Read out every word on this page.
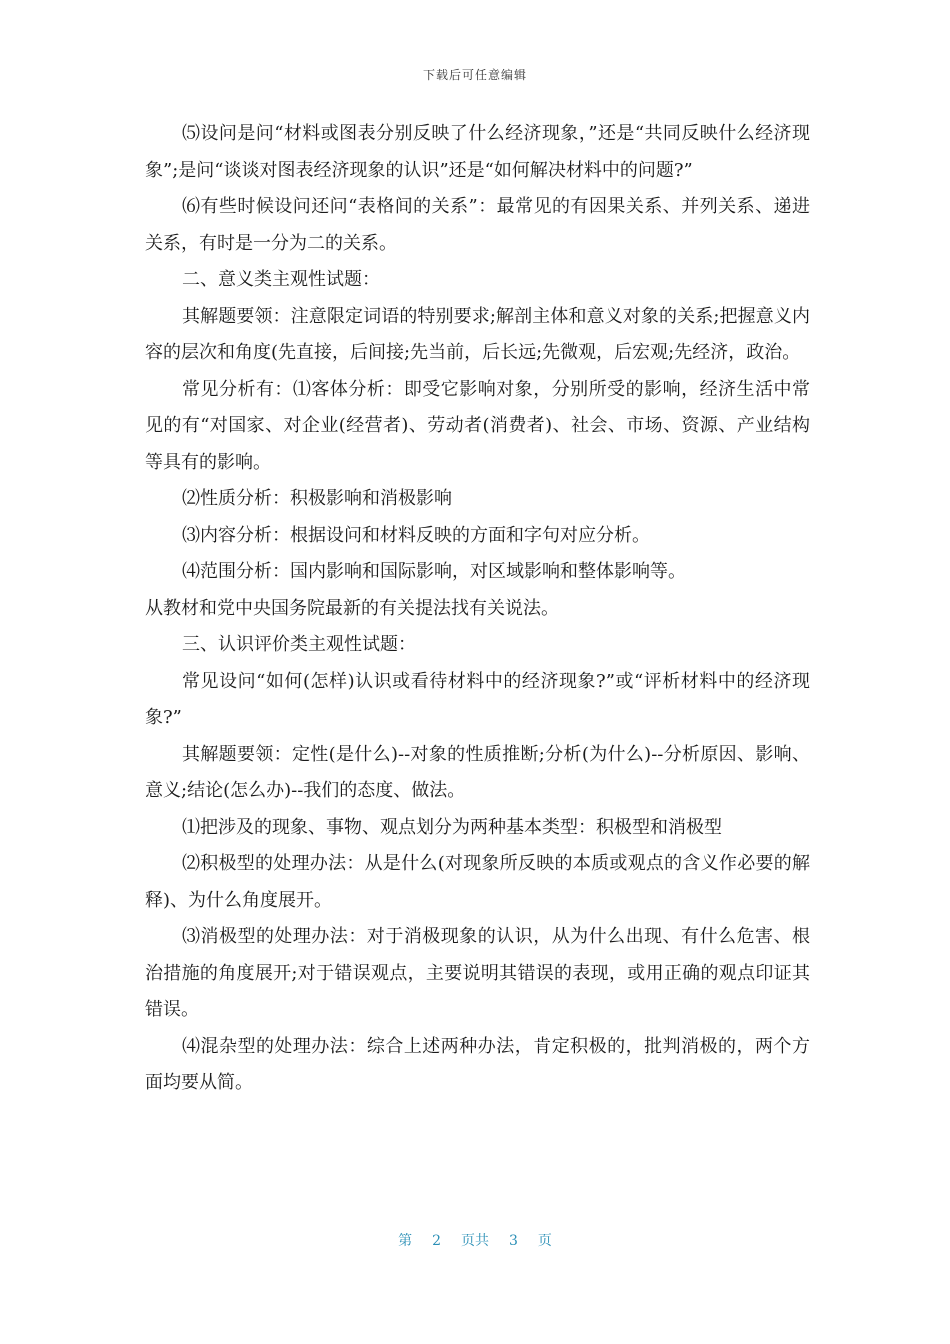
下载后可任意编辑

⑸设问是问“材料或图表分别反映了什么经济现象，”还是“共同反映什么经济现象”;是问“谈谈对图表经济现象的认识”还是“如何解决材料中的问题?”

⑹有些时候设问还问“表格间的关系”：最常见的有因果关系、并列关系、递进关系，有时是一分为二的关系。

二、意义类主观性试题：

其解题要领：注意限定词语的特别要求;解剖主体和意义对象的关系;把握意义内容的层次和角度(先直接，后间接;先当前，后长远;先微观，后宏观;先经济，政治。

常见分析有：⑴客体分析：即受它影响对象，分别所受的影响，经济生活中常见的有“对国家、对企业(经营者)、劳动者(消费者)、社会、市场、资源、产业结构等具有的影响。

⑵性质分析：积极影响和消极影响

⑶内容分析：根据设问和材料反映的方面和字句对应分析。

⑷范围分析：国内影响和国际影响，对区域影响和整体影响等。

从教材和党中央国务院最新的有关提法找有关说法。

三、认识评价类主观性试题：

常见设问“如何(怎样)认识或看待材料中的经济现象?”或“评析材料中的经济现象?”

其解题要领：定性(是什么)--对象的性质推断;分析(为什么)--分析原因、影响、意义;结论(怎么办)--我们的态度、做法。

⑴把涉及的现象、事物、观点划分为两种基本类型：积极型和消极型

⑵积极型的处理办法：从是什么(对现象所反映的本质或观点的含义作必要的解释)、为什么角度展开。

⑶消极型的处理办法：对于消极现象的认识，从为什么出现、有什么危害、根治措施的角度展开;对于错误观点，主要说明其错误的表现，或用正确的观点印证其错误。

⑷混杂型的处理办法：综合上述两种办法，肯定积极的，批判消极的，两个方面均要从简。

第 2 页共 3 页
